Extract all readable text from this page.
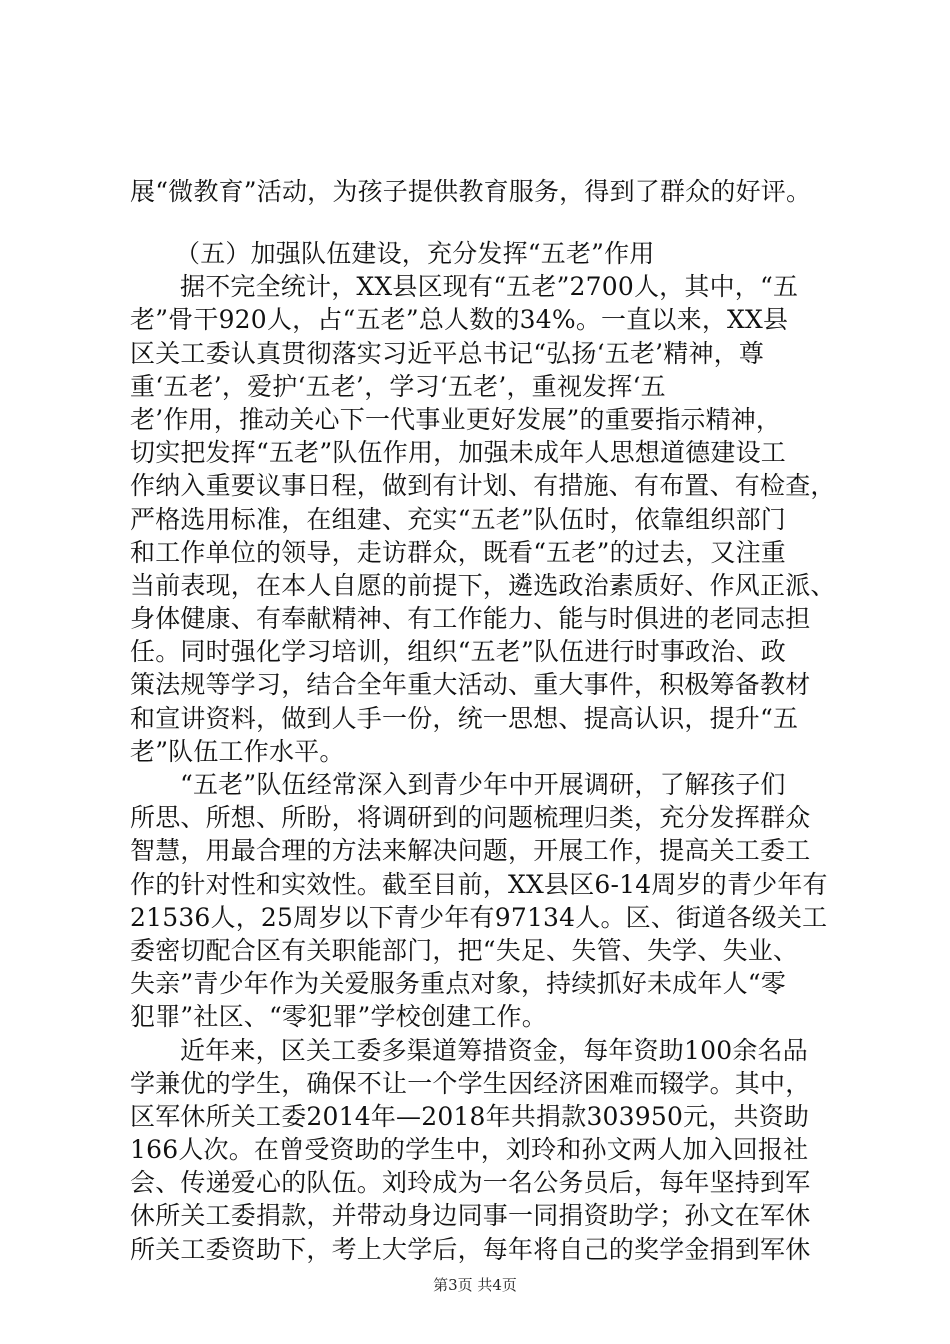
展“微教育”活动，为孩子提供教育服务，得到了群众的好评。
（五）加强队伍建设，充分发挥“五老”作用
据不完全统计，XX县区现有“五老”2700人，其中，“五
老”骨干920人，占“五老”总人数的34%。一直以来，XX县
区关工委认真贯彻落实习近平总书记“弘扬‘五老’精神，尊
重‘五老’，爱护‘五老’，学习‘五老’，重视发挥‘五
老’作用，推动关心下一代事业更好发展”的重要指示精神，
切实把发挥“五老”队伍作用，加强未成年人思想道德建设工
作纳入重要议事日程，做到有计划、有措施、有布置、有检查，
严格选用标准，在组建、充实“五老”队伍时，依靠组织部门
和工作单位的领导，走访群众，既看“五老”的过去，又注重
当前表现，在本人自愿的前提下，遴选政治素质好、作风正派、
身体健康、有奉献精神、有工作能力、能与时俱进的老同志担
任。同时强化学习培训，组织“五老”队伍进行时事政治、政
策法规等学习，结合全年重大活动、重大事件，积极筹备教材
和宣讲资料，做到人手一份，统一思想、提高认识，提升“五
老”队伍工作水平。
“五老”队伍经常深入到青少年中开展调研，了解孩子们
所思、所想、所盼，将调研到的问题梳理归类，充分发挥群众
智慧，用最合理的方法来解决问题，开展工作，提高关工委工
作的针对性和实效性。截至目前，XX县区6-14周岁的青少年有
21536人，25周岁以下青少年有97134人。区、街道各级关工
委密切配合区有关职能部门，把“失足、失管、失学、失业、
失亲”青少年作为关爱服务重点对象，持续抓好未成年人“零
犯罪”社区、“零犯罪”学校创建工作。
近年来，区关工委多渠道筹措资金，每年资助100余名品
学兼优的学生，确保不让一个学生因经济困难而辍学。其中，
区军休所关工委2014年—2018年共捐款303950元，共资助
166人次。在曾受资助的学生中，刘玲和孙文两人加入回报社
会、传递爱心的队伍。刘玲成为一名公务员后，每年坚持到军
休所关工委捐款，并带动身边同事一同捐资助学；孙文在军休
所关工委资助下，考上大学后，每年将自己的奖学金捐到军休
第3页 共4页
